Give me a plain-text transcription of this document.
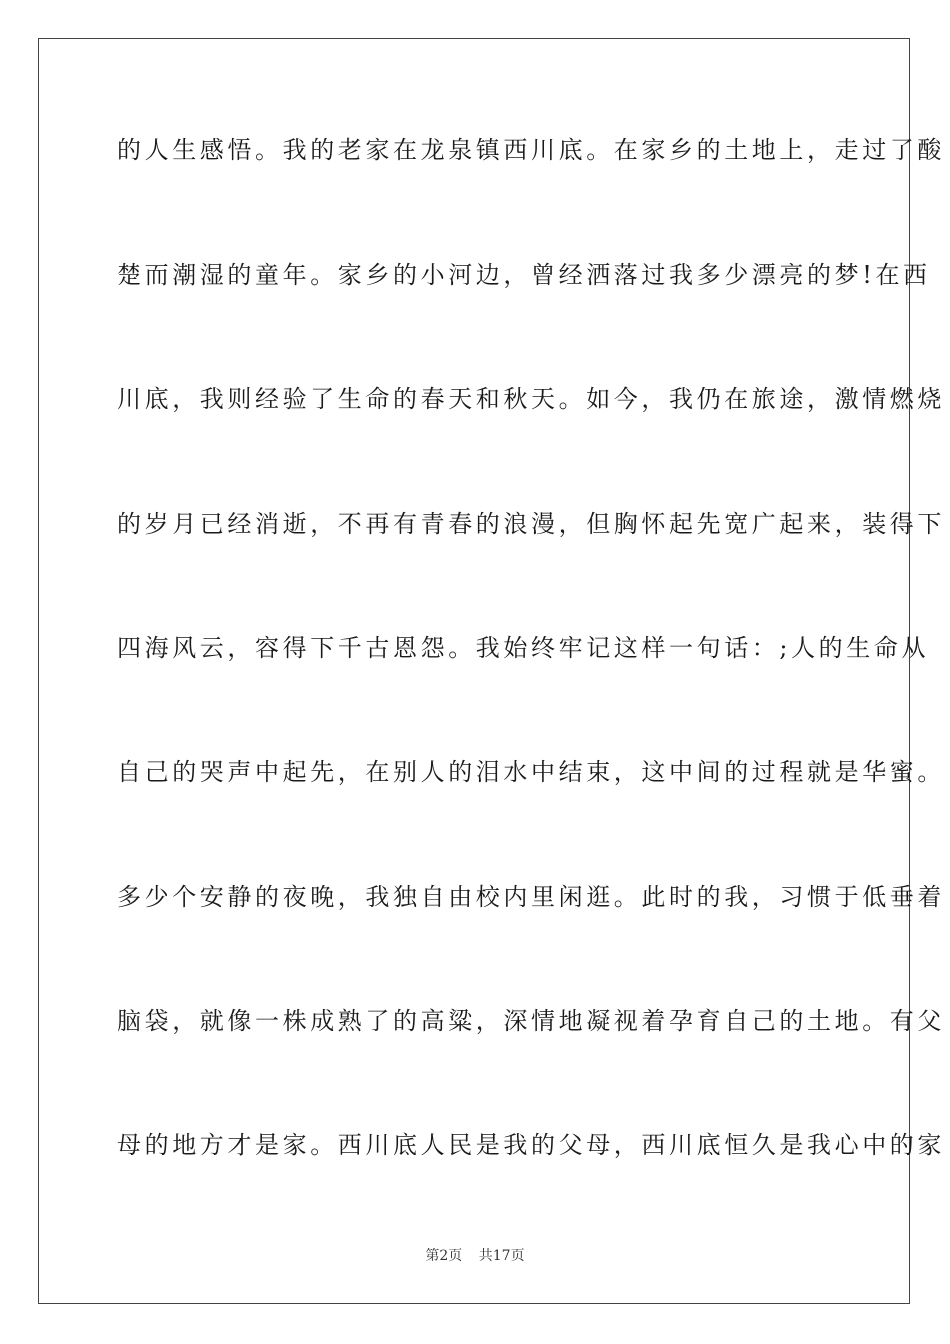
的人生感悟。我的老家在龙泉镇西川底。在家乡的土地上，走过了酸
楚而潮湿的童年。家乡的小河边，曾经洒落过我多少漂亮的梦!在西
川底，我则经验了生命的春天和秋天。如今，我仍在旅途，激情燃烧
的岁月已经消逝，不再有青春的浪漫，但胸怀起先宽广起来，装得下
四海风云，容得下千古恩怨。我始终牢记这样一句话：;人的生命从
自己的哭声中起先，在别人的泪水中结束，这中间的过程就是华蜜。
多少个安静的夜晚，我独自由校内里闲逛。此时的我，习惯于低垂着
脑袋，就像一株成熟了的高粱，深情地凝视着孕育自己的土地。有父
母的地方才是家。西川底人民是我的父母，西川底恒久是我心中的家
第2页 共17页
